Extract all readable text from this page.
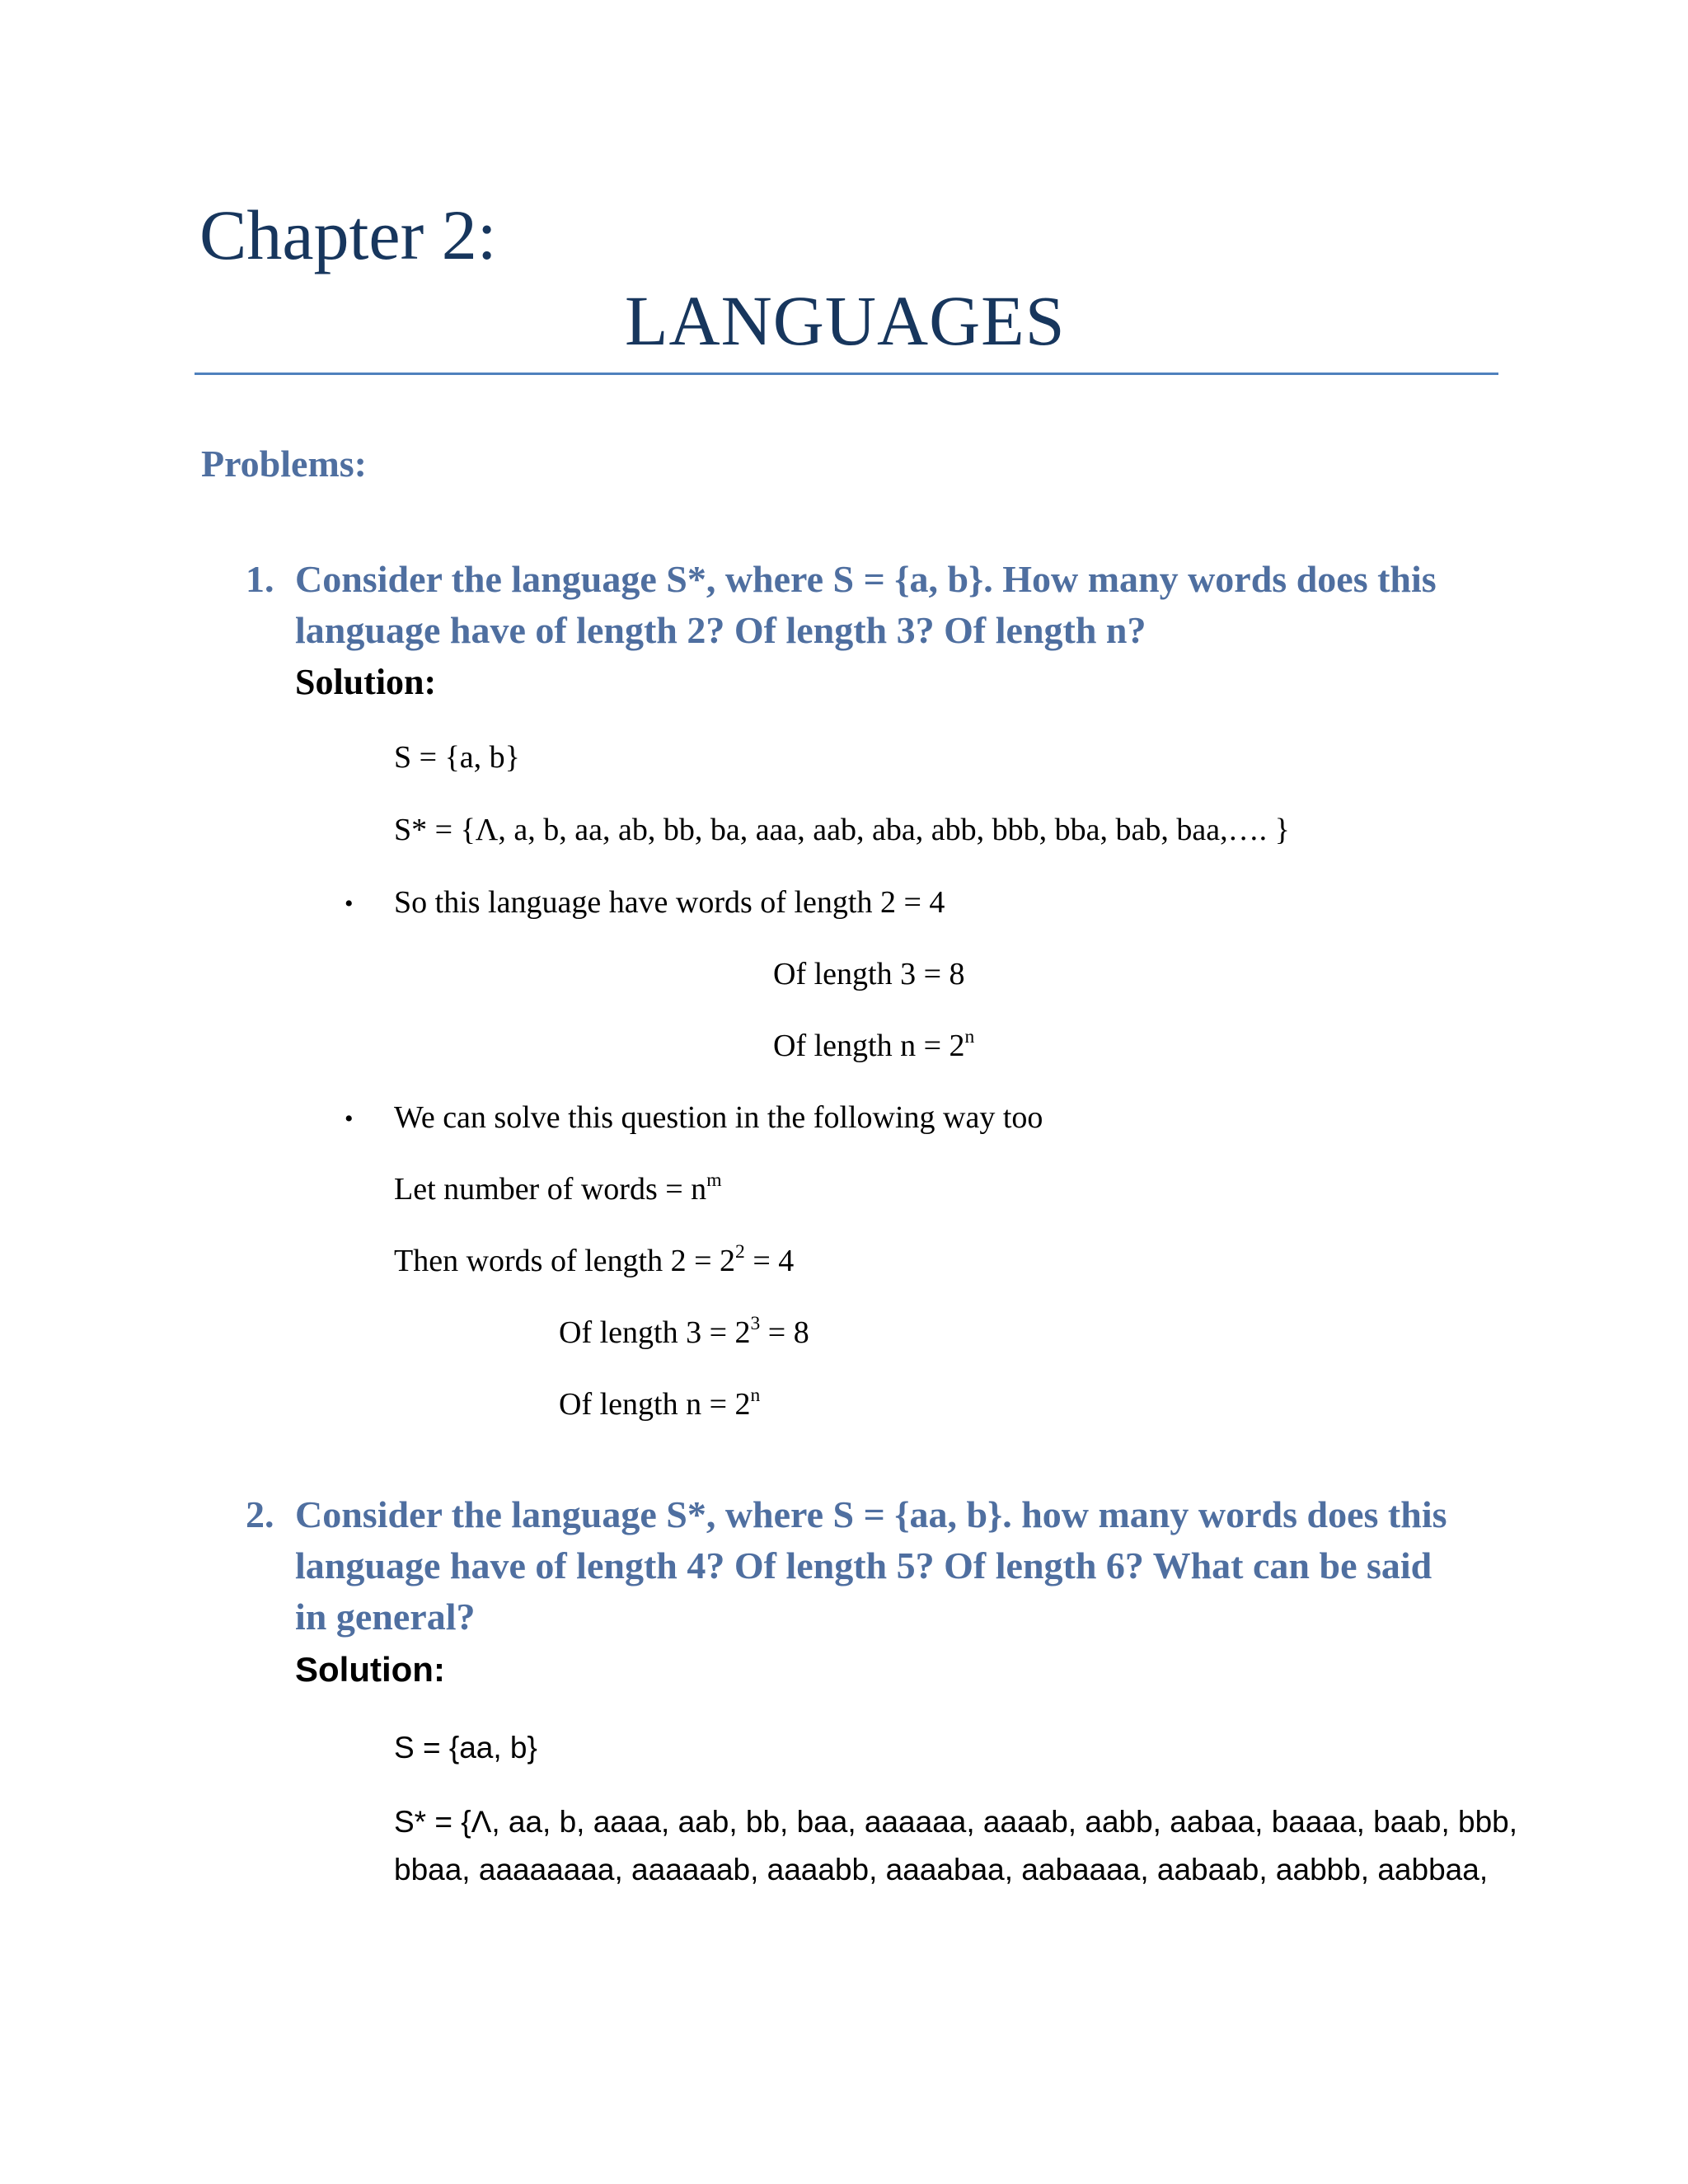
Chapter 2:
LANGUAGES
Problems:
1. Consider the language S*, where S = {a, b}. How many words does this
language have of length 2? Of length 3? Of length n?
Solution:
S = {a, b}
S* = {Λ, a, b, aa, ab, bb, ba, aaa, aab, aba, abb, bbb, bba, bab, baa,…. }
• So this language have words of length 2 = 4
Of length 3 = 8
Of length $n = 2^n$
• We can solve this question in the following way too
Let number of words = $n^m$
Then words of length $2 = 2^2 = 4$
Of length $3 = 2^3 = 8$
Of length $n = 2^n$
2. Consider the language S*, where S = {aa, b}. how many words does this
language have of length 4? Of length 5? Of length 6? What can be said
in general?
Solution:
S = {aa, b}
S* = {Λ, aa, b, aaaa, aab, bb, baa, aaaaaa, aaaab, aabb, aabaa, baaaa, baab, bbb,
bbaa, aaaaaaaa, aaaaaab, aaaabb, aaaabaa, aabaaaa, aabaab, aabbb, aabbaa,
